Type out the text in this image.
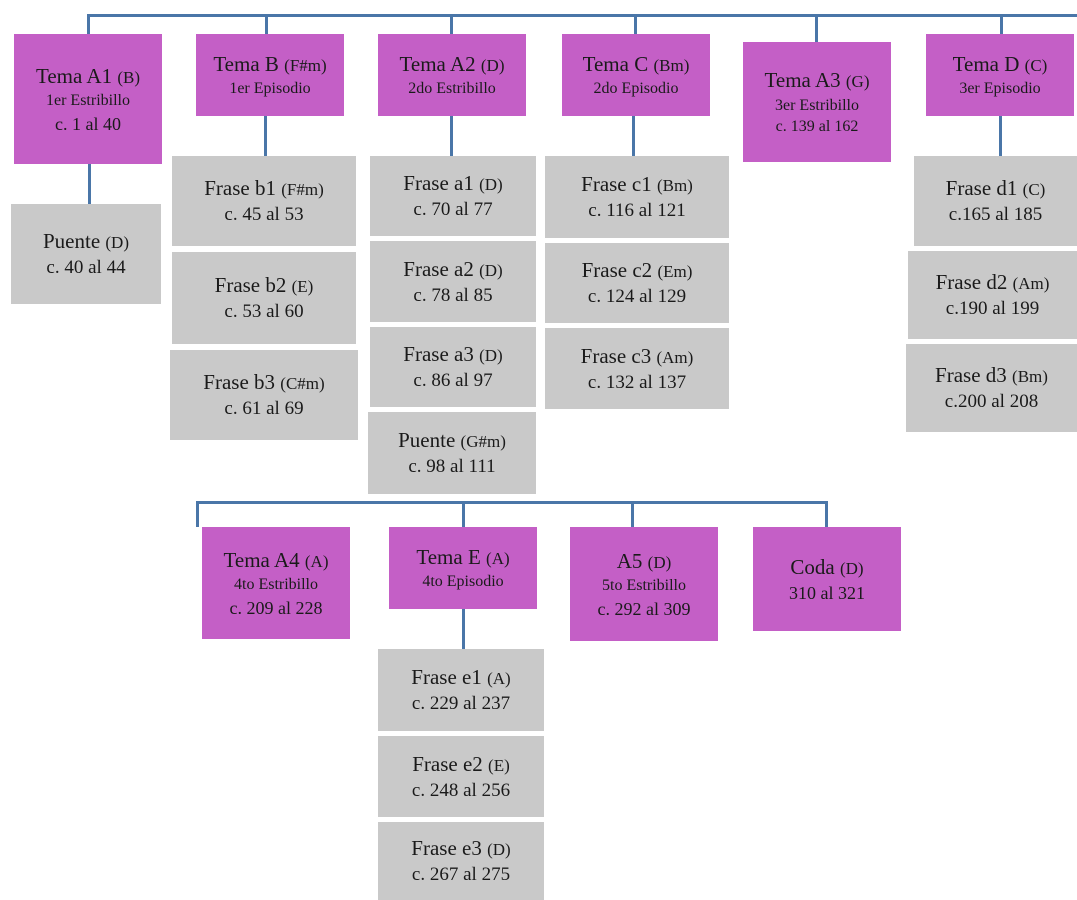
Tema A1 (B)
1er Estribillo
c. 1 al 40
Tema B (F#m)
1er Episodio
Tema A2 (D)
2do Estribillo
Tema C (Bm)
2do Episodio	Tema A3 (G)
3er Estribillo
c. 139 al 162
Tema D (C)
3er Episodio
Puente (D)
c. 40 al 44
Frase b1 (F#m)
c. 45 al 53
Frase b2 (E)
c. 53 al 60
Frase b3 (C#m)
c. 61 al 69
Frase a1 (D)
c. 70 al 77
Frase a2 (D)
c. 78 al 85
Frase a3 (D)
c. 86 al 97
Puente (G#m)
c. 98 al 111
Frase c1 (Bm)
c. 116 al 121
Frase c2 (Em)
c. 124 al 129
Frase c3 (Am)
c. 132 al 137
Frase d1 (C)
c.165 al 185
Frase d2 (Am)
c.190 al 199
Frase d3 (Bm)
c.200 al 208
Tema A4 (A)
4to Estribillo
c. 209 al 228
Tema E (A)
4to Episodio
A5 (D)
5to Estribillo
c. 292 al 309
Coda (D)
310 al 321
Frase e1 (A)
c. 229 al 237
Frase e2 (E)
c. 248 al 256
Frase e3 (D)
c. 267 al 275
